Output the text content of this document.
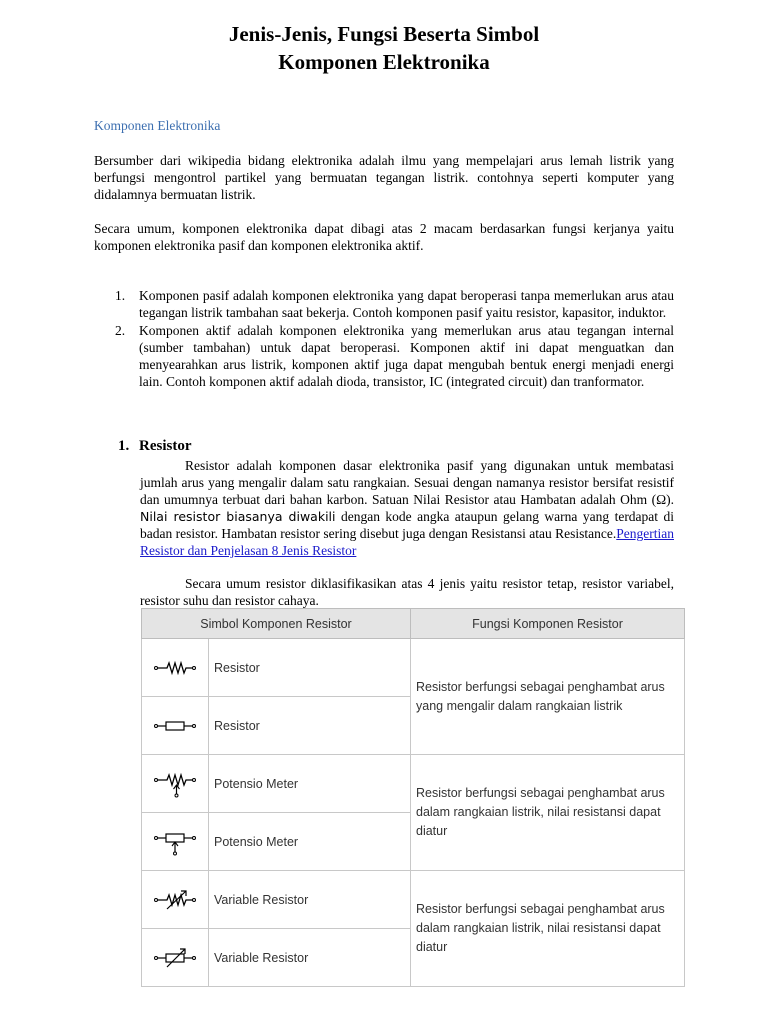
Jenis-Jenis, Fungsi Beserta Simbol
Komponen Elektronika
Komponen Elektronika
Bersumber dari wikipedia bidang elektronika adalah ilmu yang mempelajari arus lemah listrik yang berfungsi mengontrol partikel yang bermuatan tegangan listrik. contohnya seperti komputer yang didalamnya bermuatan listrik.
Secara umum, komponen elektronika dapat dibagi atas 2 macam berdasarkan fungsi kerjanya yaitu komponen elektronika pasif dan komponen elektronika aktif.
1. Komponen pasif adalah komponen elektronika yang dapat beroperasi tanpa memerlukan arus atau tegangan listrik tambahan saat bekerja. Contoh komponen pasif yaitu resistor, kapasitor, induktor.
2. Komponen aktif adalah komponen elektronika yang memerlukan arus atau tegangan internal (sumber tambahan) untuk dapat beroperasi. Komponen aktif ini dapat menguatkan dan menyearahkan arus listrik, komponen aktif juga dapat mengubah bentuk energi menjadi energi lain. Contoh komponen aktif adalah dioda, transistor, IC (integrated circuit) dan tranformator.
1. Resistor
Resistor adalah komponen dasar elektronika pasif yang digunakan untuk membatasi jumlah arus yang mengalir dalam satu rangkaian. Sesuai dengan namanya resistor bersifat resistif dan umumnya terbuat dari bahan karbon. Satuan Nilai Resistor atau Hambatan adalah Ohm (Ω). Nilai resistor biasanya diwakili dengan kode angka ataupun gelang warna yang terdapat di badan resistor. Hambatan resistor sering disebut juga dengan Resistansi atau Resistance.Pengertian Resistor dan Penjelasan 8 Jenis Resistor
Secara umum resistor diklasifikasikan atas 4 jenis yaitu resistor tetap, resistor variabel, resistor suhu dan resistor cahaya.
Simbol Komponen Resistor		Fungsi Komponen Resistor

	Resistor	Resistor berfungsi sebagai penghambat arus
yang mengalir dalam rangkaian listrik

	Resistor	

	Potensio Meter	Resistor berfungsi sebagai penghambat arus
dalam rangkaian listrik, nilai resistansi dapat
diatur

	Potensio Meter	

	Variable Resistor	Resistor berfungsi sebagai penghambat arus
dalam rangkaian listrik, nilai resistansi dapat
diatur

	Variable Resistor	
